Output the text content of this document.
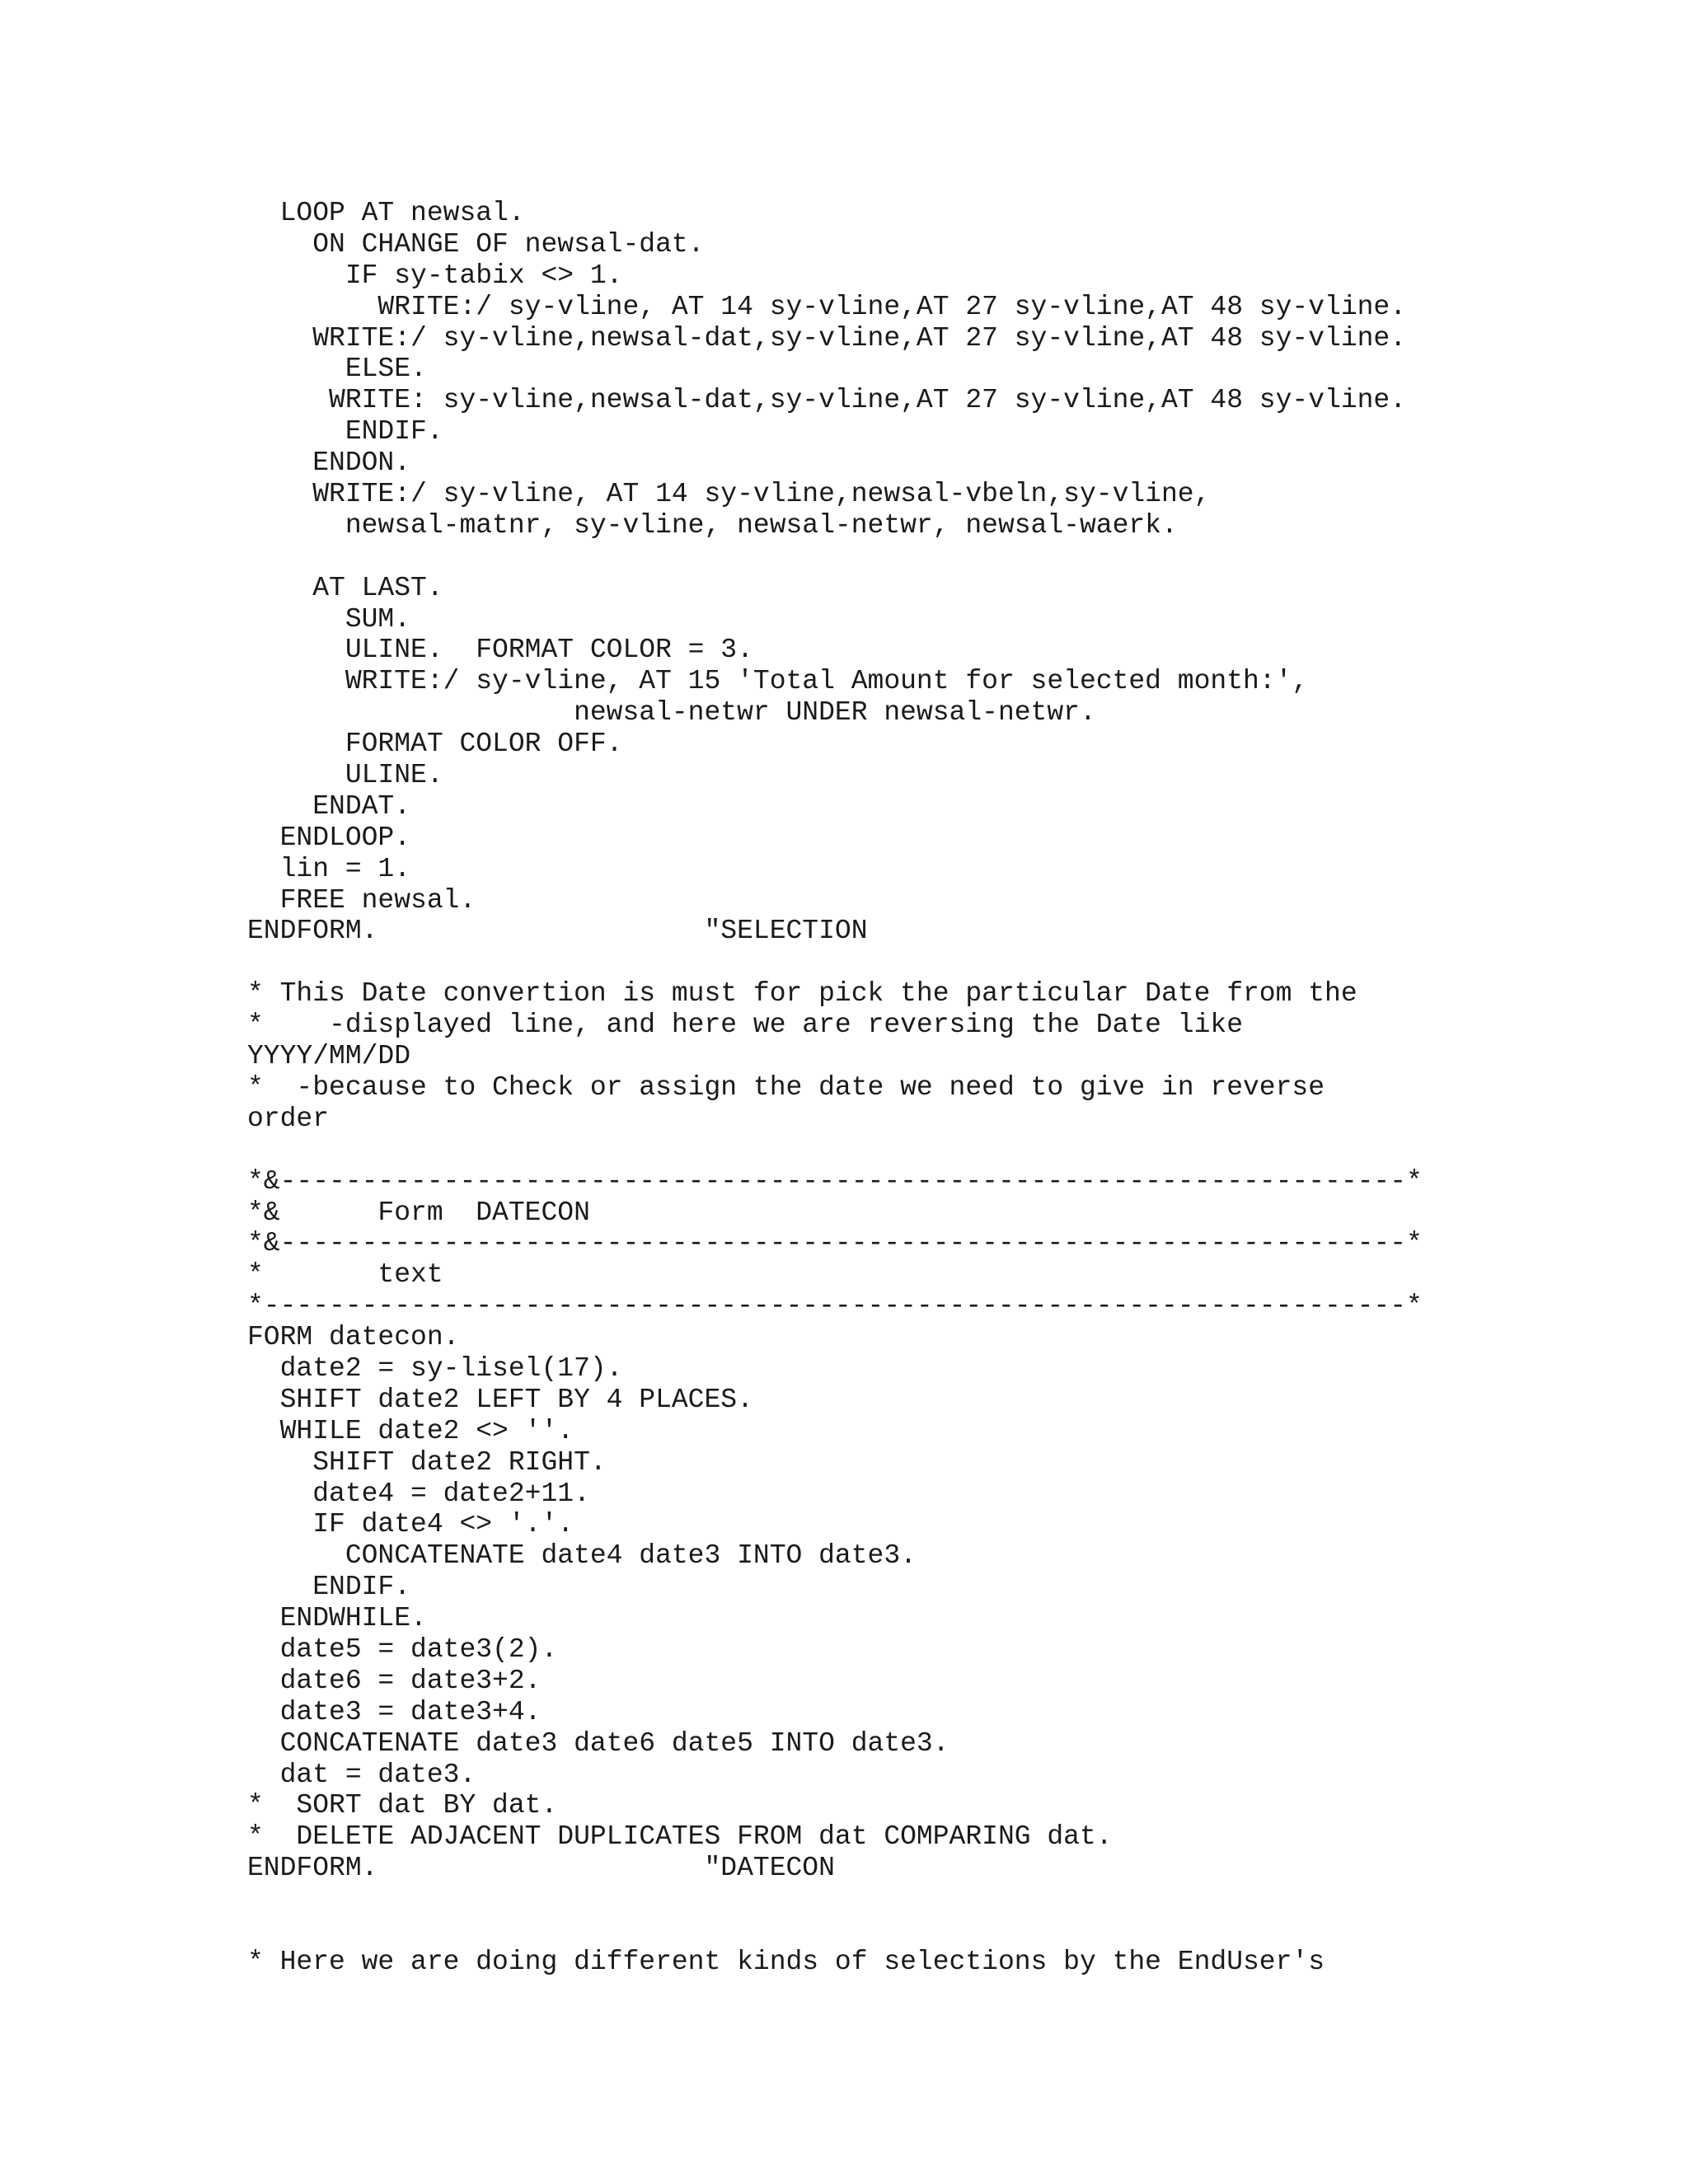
LOOP AT newsal.
ON CHANGE OF newsal-dat.
IF sy-tabix <> 1.
WRITE:/ sy-vline, AT 14 sy-vline,AT 27 sy-vline,AT 48 sy-vline.
WRITE:/ sy-vline,newsal-dat,sy-vline,AT 27 sy-vline,AT 48 sy-vline.
ELSE.
WRITE: sy-vline,newsal-dat,sy-vline,AT 27 sy-vline,AT 48 sy-vline.
ENDIF.
ENDON.
WRITE:/ sy-vline, AT 14 sy-vline,newsal-vbeln,sy-vline,
newsal-matnr, sy-vline, newsal-netwr, newsal-waerk.
AT LAST.
SUM.
ULINE.  FORMAT COLOR = 3.
WRITE:/ sy-vline, AT 15 'Total Amount for selected month:',
newsal-netwr UNDER newsal-netwr.
FORMAT COLOR OFF.
ULINE.
ENDAT.
ENDLOOP.
lin = 1.
FREE newsal.
ENDFORM.                    "SELECTION
* This Date convertion is must for pick the particular Date from the
*    -displayed line, and here we are reversing the Date like
YYYY/MM/DD
*  -because to Check or assign the date we need to give in reverse
order
*&---------------------------------------------------------------------*
*&      Form  DATECON
*&---------------------------------------------------------------------*
*       text
*----------------------------------------------------------------------*
FORM datecon.
date2 = sy-lisel(17).
SHIFT date2 LEFT BY 4 PLACES.
WHILE date2 <> ''.
SHIFT date2 RIGHT.
date4 = date2+11.
IF date4 <> '.'.
CONCATENATE date4 date3 INTO date3.
ENDIF.
ENDWHILE.
date5 = date3(2).
date6 = date3+2.
date3 = date3+4.
CONCATENATE date3 date6 date5 INTO date3.
dat = date3.
*  SORT dat BY dat.
*  DELETE ADJACENT DUPLICATES FROM dat COMPARING dat.
ENDFORM.                    "DATECON
* Here we are doing different kinds of selections by the EndUser's
